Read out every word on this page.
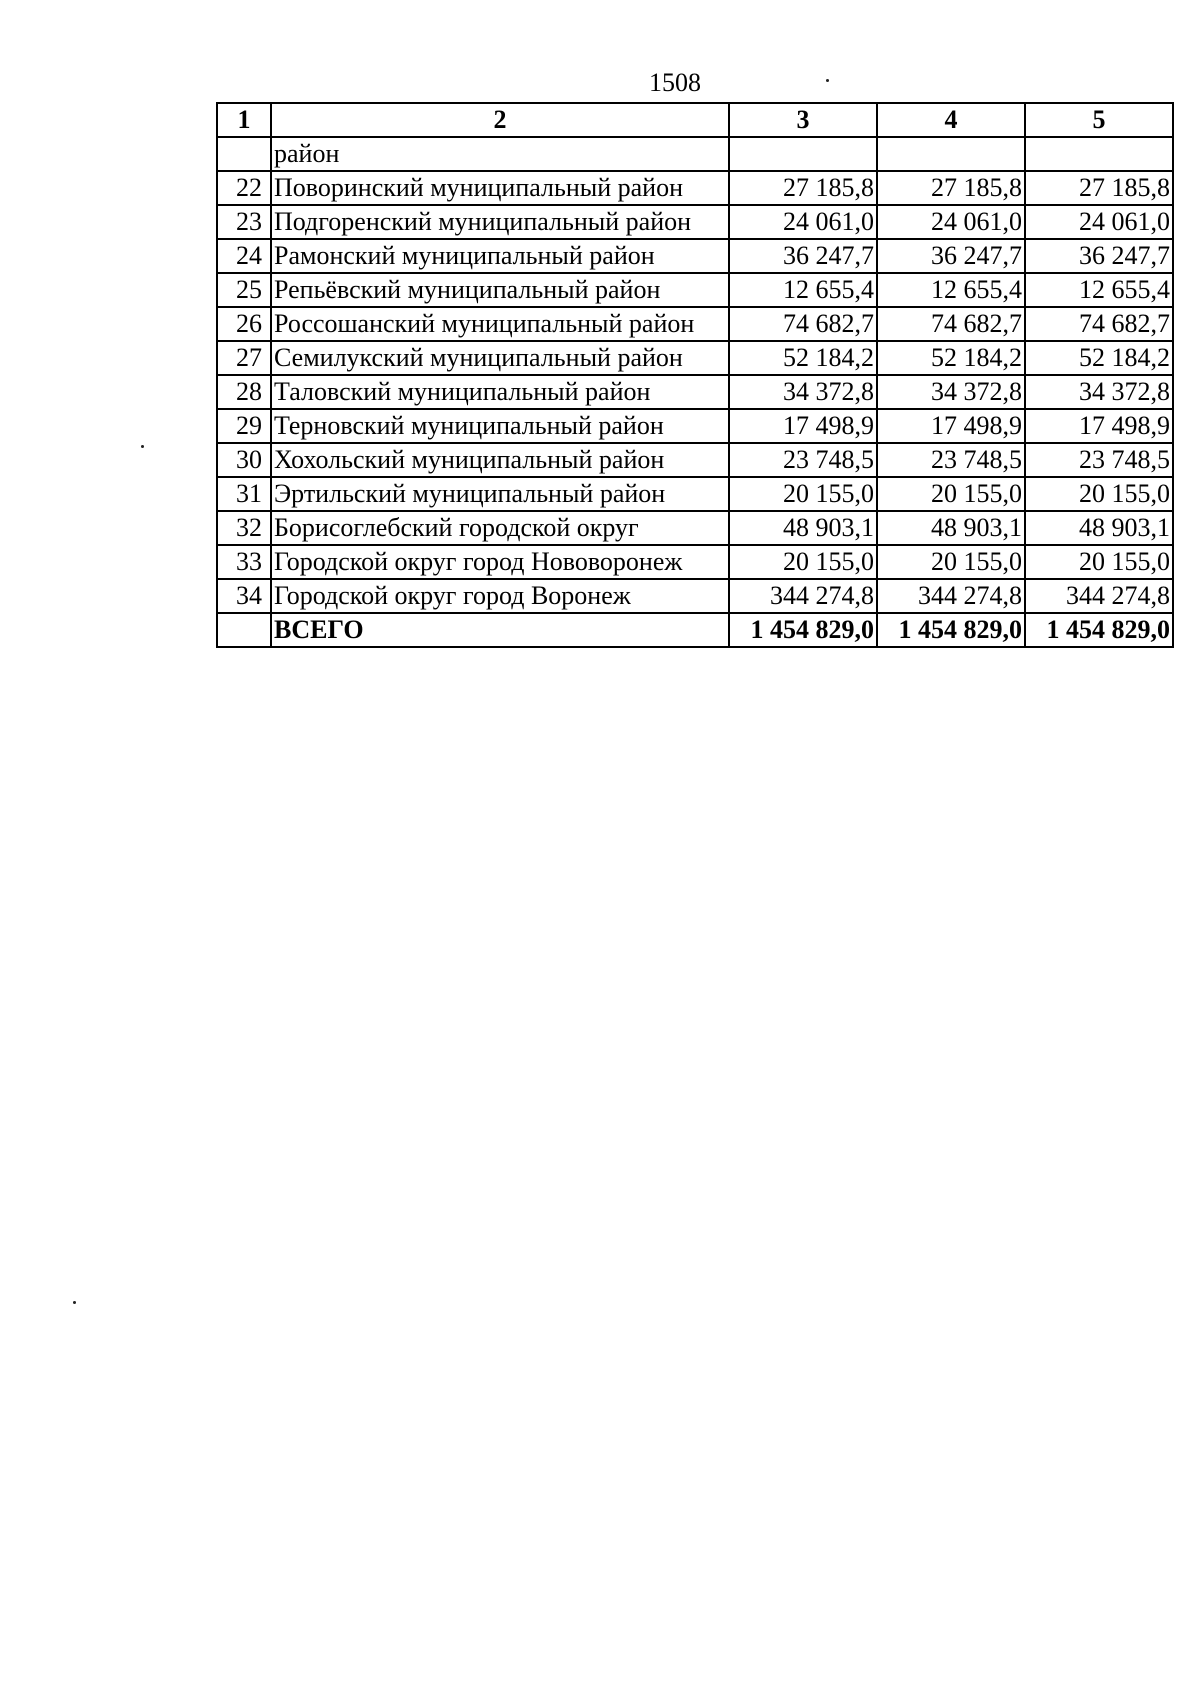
1508
1	2	3	4	5
	район			
22	Поворинский муниципальный район	27 185,8	27 185,8	27 185,8
23	Подгоренский муниципальный район	24 061,0	24 061,0	24 061,0
24	Рамонский муниципальный район	36 247,7	36 247,7	36 247,7
25	Репьёвский муниципальный район	12 655,4	12 655,4	12 655,4
26	Россошанский муниципальный район	74 682,7	74 682,7	74 682,7
27	Семилукский муниципальный район	52 184,2	52 184,2	52 184,2
28	Таловский муниципальный район	34 372,8	34 372,8	34 372,8
29	Терновский муниципальный район	17 498,9	17 498,9	17 498,9
30	Хохольский муниципальный район	23 748,5	23 748,5	23 748,5
31	Эртильский муниципальный район	20 155,0	20 155,0	20 155,0
32	Борисоглебский городской округ	48 903,1	48 903,1	48 903,1
33	Городской округ город Нововоронеж	20 155,0	20 155,0	20 155,0
34	Городской округ город Воронеж	344 274,8	344 274,8	344 274,8
	ВСЕГО	1 454 829,0	1 454 829,0	1 454 829,0
